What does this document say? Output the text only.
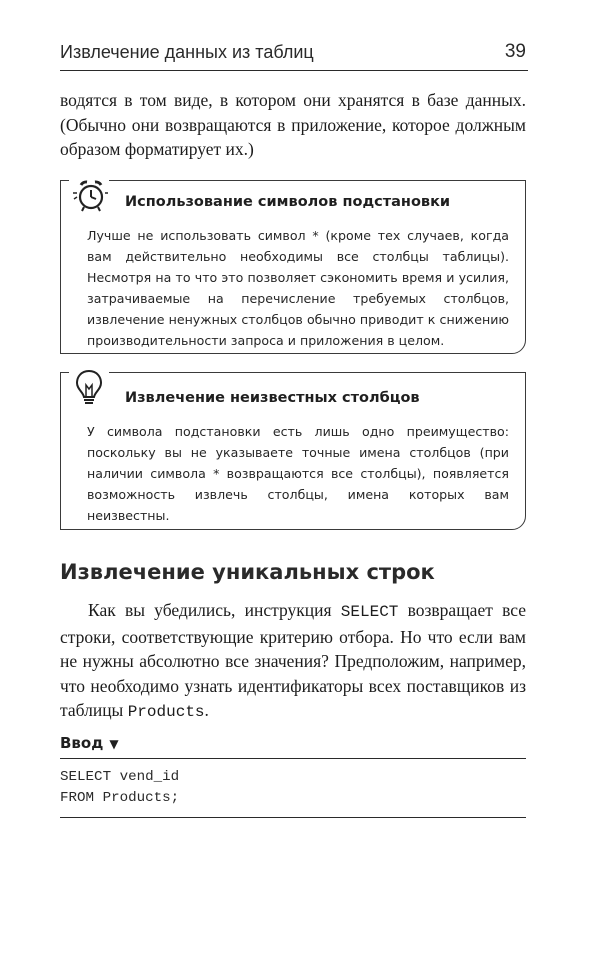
Извлечение данных из таблиц	39

водятся в том виде, в котором они хранятся в базе данных. (Обычно они возвращаются в приложение, которое должным образом форматирует их.)

Использование символов подстановки

Лучше не использовать символ * (кроме тех случаев, когда вам действительно необходимы все столбцы таблицы). Несмотря на то что это позволяет сэкономить время и усилия, затрачиваемые на перечисление требуемых столбцов, извлечение ненужных столбцов обычно приводит к снижению производительности запроса и приложения в целом.

Извлечение неизвестных столбцов

У символа подстановки есть лишь одно преимущество: поскольку вы не указываете точные имена столбцов (при наличии символа * возвращаются все столбцы), появляется возможность извлечь столбцы, имена которых вам неизвестны.

Извлечение уникальных строк

Как вы убедились, инструкция SELECT возвращает все строки, соответствующие критерию отбора. Но что если вам не нужны абсолютно все значения? Предположим, например, что необходимо узнать идентификаторы всех поставщиков из таблицы Products.

Ввод ▼
SELECT vend_id
FROM Products;
